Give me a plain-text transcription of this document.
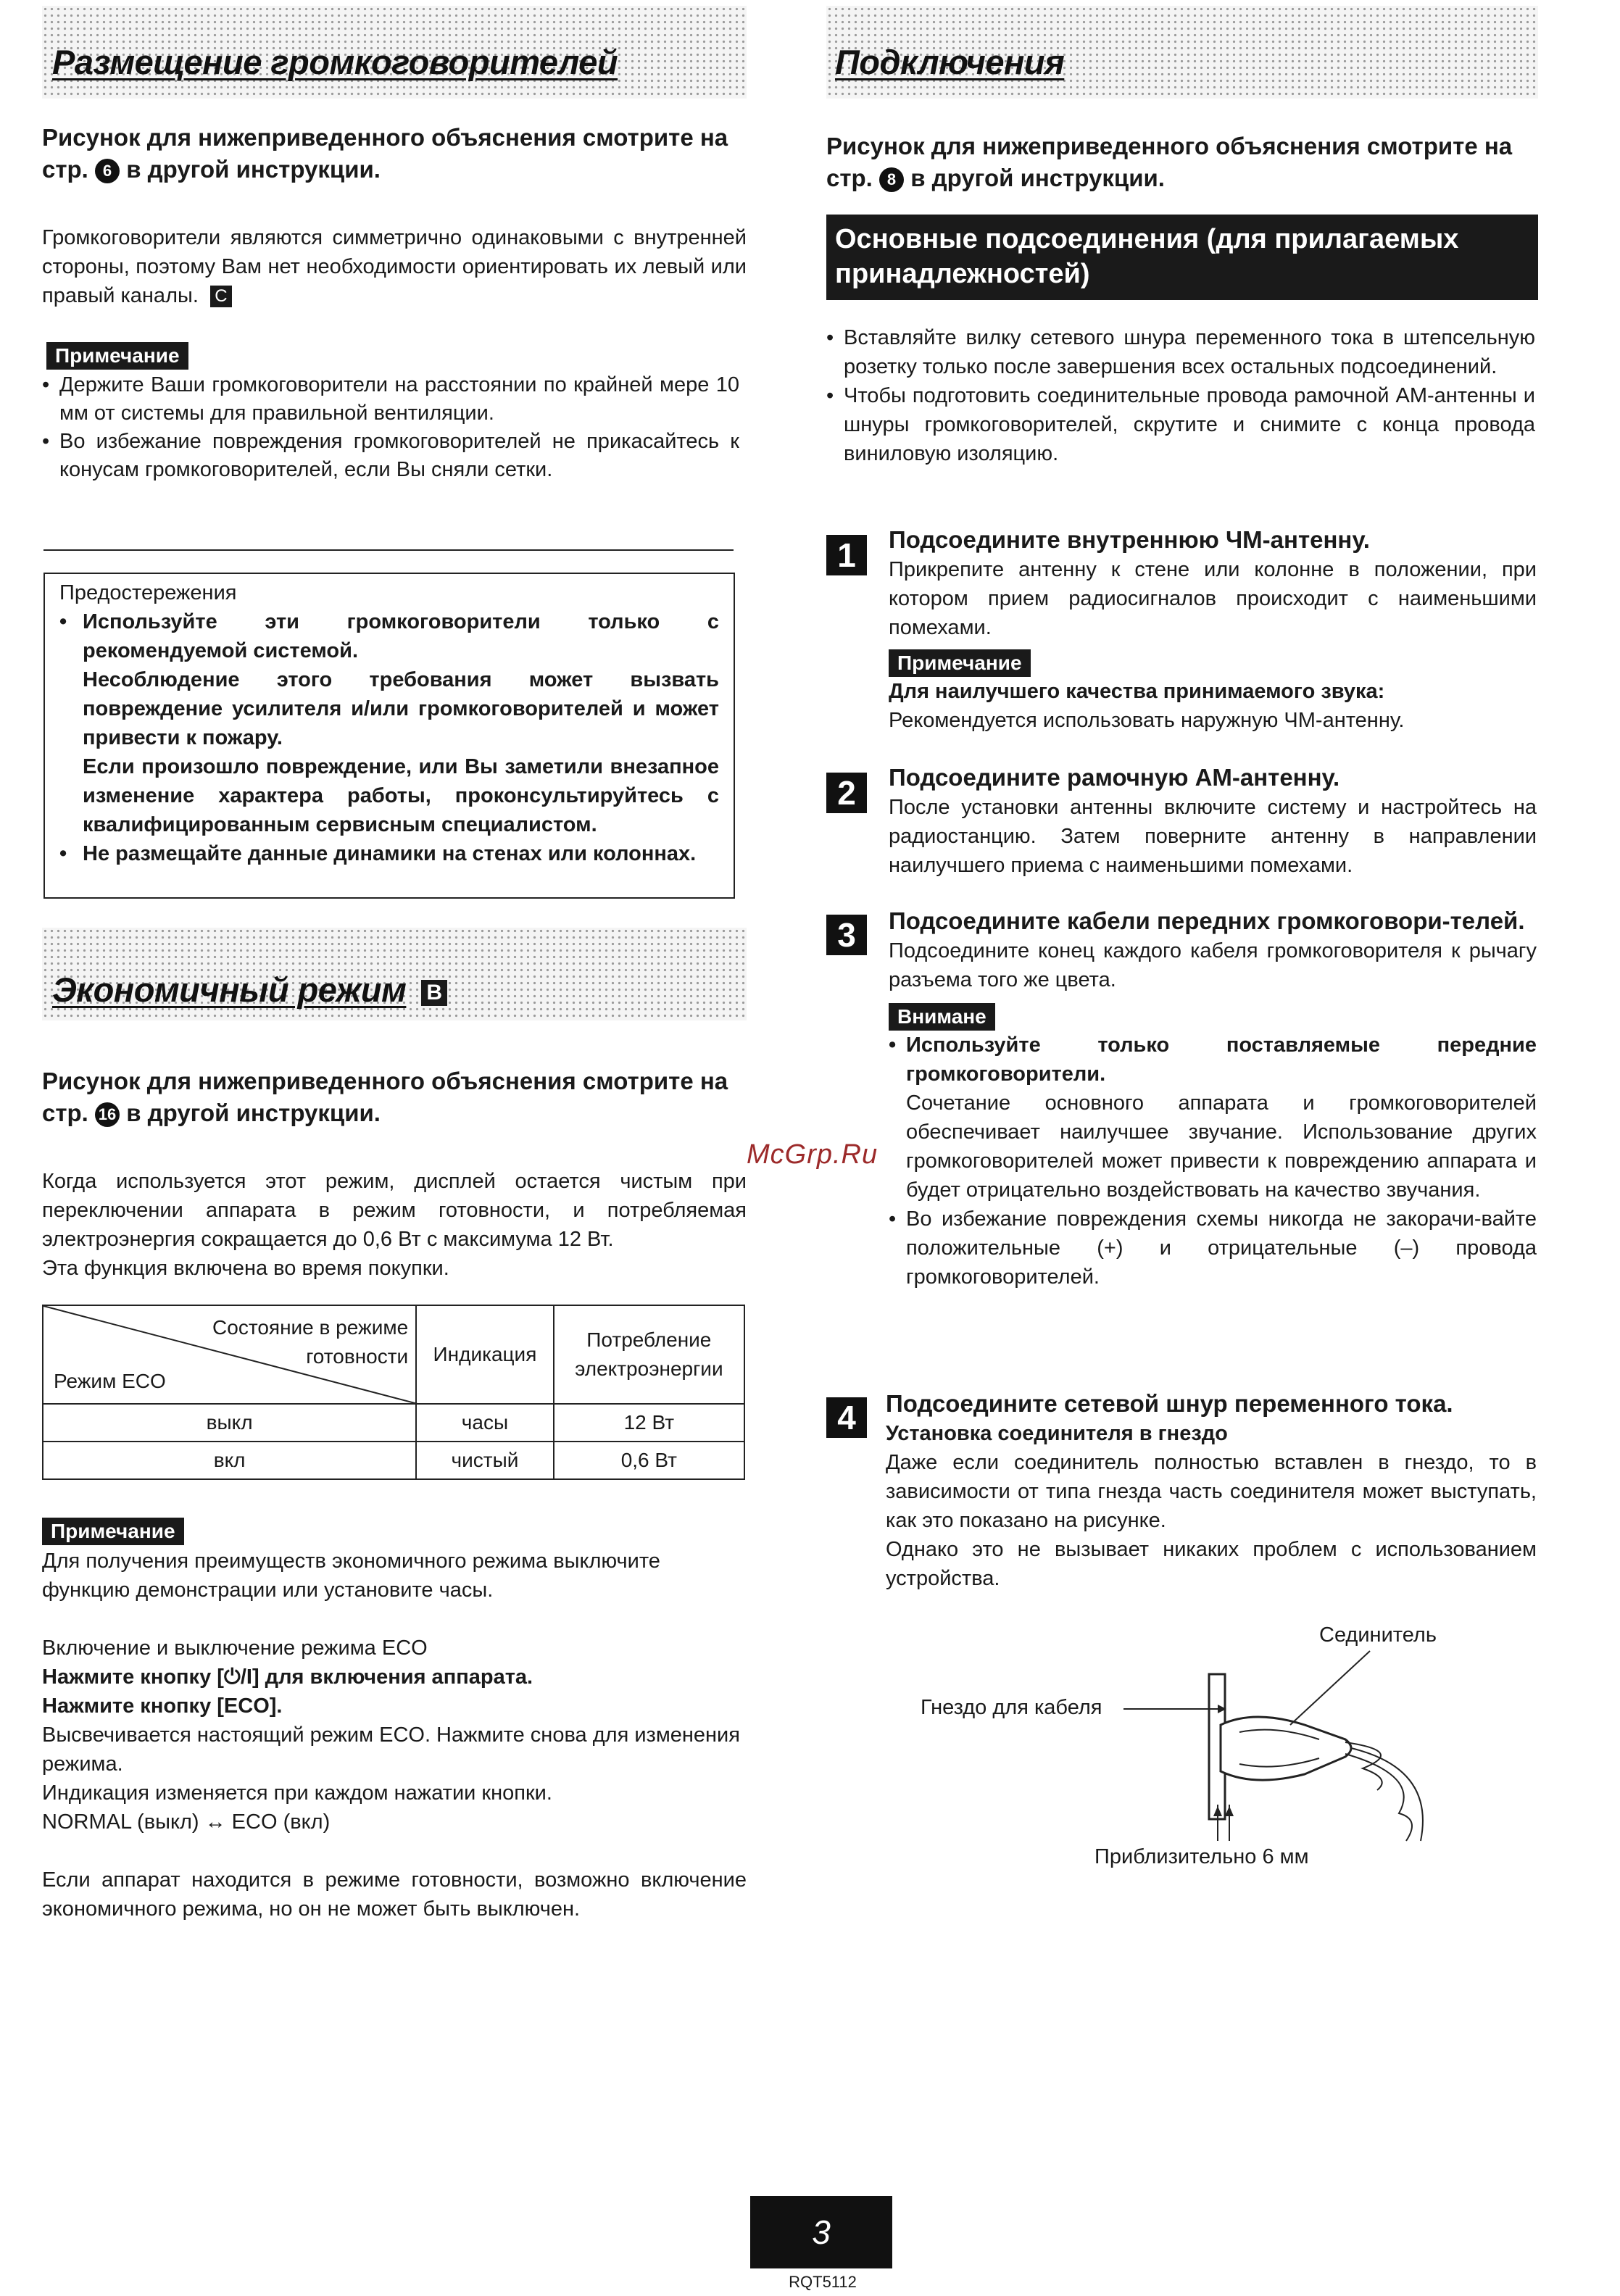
Размещение громкоговорителей
Рисунок для нижеприведенного объяснения смотрите на стр. 6 в другой инструкции.
Громкоговорители являются симметрично одинаковыми с внутренней стороны, поэтому Вам нет необходимости ориентировать их левый или правый каналы. C
Примечание
• Держите Ваши громкоговорители на расстоянии по крайней мере 10 мм от системы для правильной вентиляции.
• Во избежание повреждения громкоговорителей не прикасайтесь к конусам громкоговорителей, если Вы сняли сетки.
Предостережения
• Используйте эти громкоговорители только с рекомендуемой системой.
Несоблюдение этого требования может вызвать повреждение усилителя и/или громкоговорителей и может привести к пожару.
Если произошло повреждение, или Вы заметили внезапное изменение характера работы, проконсультируйтесь с квалифицированным сервисным специалистом.
• Не размещайте данные динамики на стенах или колоннах.
Экономичный режим B
Рисунок для нижеприведенного объяснения смотрите на стр. 16 в другой инструкции.
Когда используется этот режим, дисплей остается чистым при переключении аппарата в режим готовности, и потребляемая электроэнергия сокращается до 0,6 Вт с максимума 12 Вт.
Эта функция включена во время покупки.
Состояние в режиме готовности
Режим ECO	Индикация	Потребление электроэнергии
выкл	часы	12 Вт
вкл	чистый	0,6 Вт
Примечание
Для получения преимуществ экономичного режима выключите функцию демонстрации или установите часы.
Включение и выключение режима ECO
Нажмите кнопку [⏻/I] для включения аппарата.
Нажмите кнопку [ECO].
Высвечивается настоящий режим ECO. Нажмите снова для изменения режима.
Индикация изменяется при каждом нажатии кнопки.
NORMAL (выкл) ↔ ECO (вкл)
Если аппарат находится в режиме готовности, возможно включение экономичного режима, но он не может быть выключен.
Подключения
Рисунок для нижеприведенного объяснения смотрите на стр. 8 в другой инструкции.
Основные подсоединения (для прилагаемых принадлежностей)
• Вставляйте вилку сетевого шнура переменного тока в штепсельную розетку только после завершения всех остальных подсоединений.
• Чтобы подготовить соединительные провода рамочной АМ-антенны и шнуры громкоговорителей, скрутите и снимите с конца провода виниловую изоляцию.
1	Подсоедините внутреннюю ЧМ-антенну.
Прикрепите антенну к стене или колонне в положении, при котором прием радиосигналов происходит с наименьшими помехами.
Примечание
Для наилучшего качества принимаемого звука:
Рекомендуется использовать наружную ЧМ-антенну.
2	Подсоедините рамочную АМ-антенну.
После установки антенны включите систему и настройтесь на радиостанцию. Затем поверните антенну в направлении наилучшего приема с наименьшими помехами.
3	Подсоедините кабели передних громкоговори-телей.
Подсоедините конец каждого кабеля громкоговорителя к рычагу разъема того же цвета.
Внимане
• Используйте только поставляемые передние громкоговорители.
Сочетание основного аппарата и громкоговорителей обеспечивает наилучшее звучание. Использование других громкоговорителей может привести к повреждению аппарата и будет отрицательно воздействовать на качество звучания.
• Во избежание повреждения схемы никогда не закорачи-вайте положительные (+) и отрицательные (–) провода громкоговорителей.
4	Подсоедините сетевой шнур переменного тока.
Установка соединителя в гнездо
Даже если соединитель полностью вставлен в гнездо, то в зависимости от типа гнезда часть соединителя может выступать, как это показано на рисунке.
Однако это не вызывает никаких проблем с использованием устройства.
Сединитель
Гнездо для кабеля
Приблизительно 6 мм
McGrp.Ru
3
RQT5112
